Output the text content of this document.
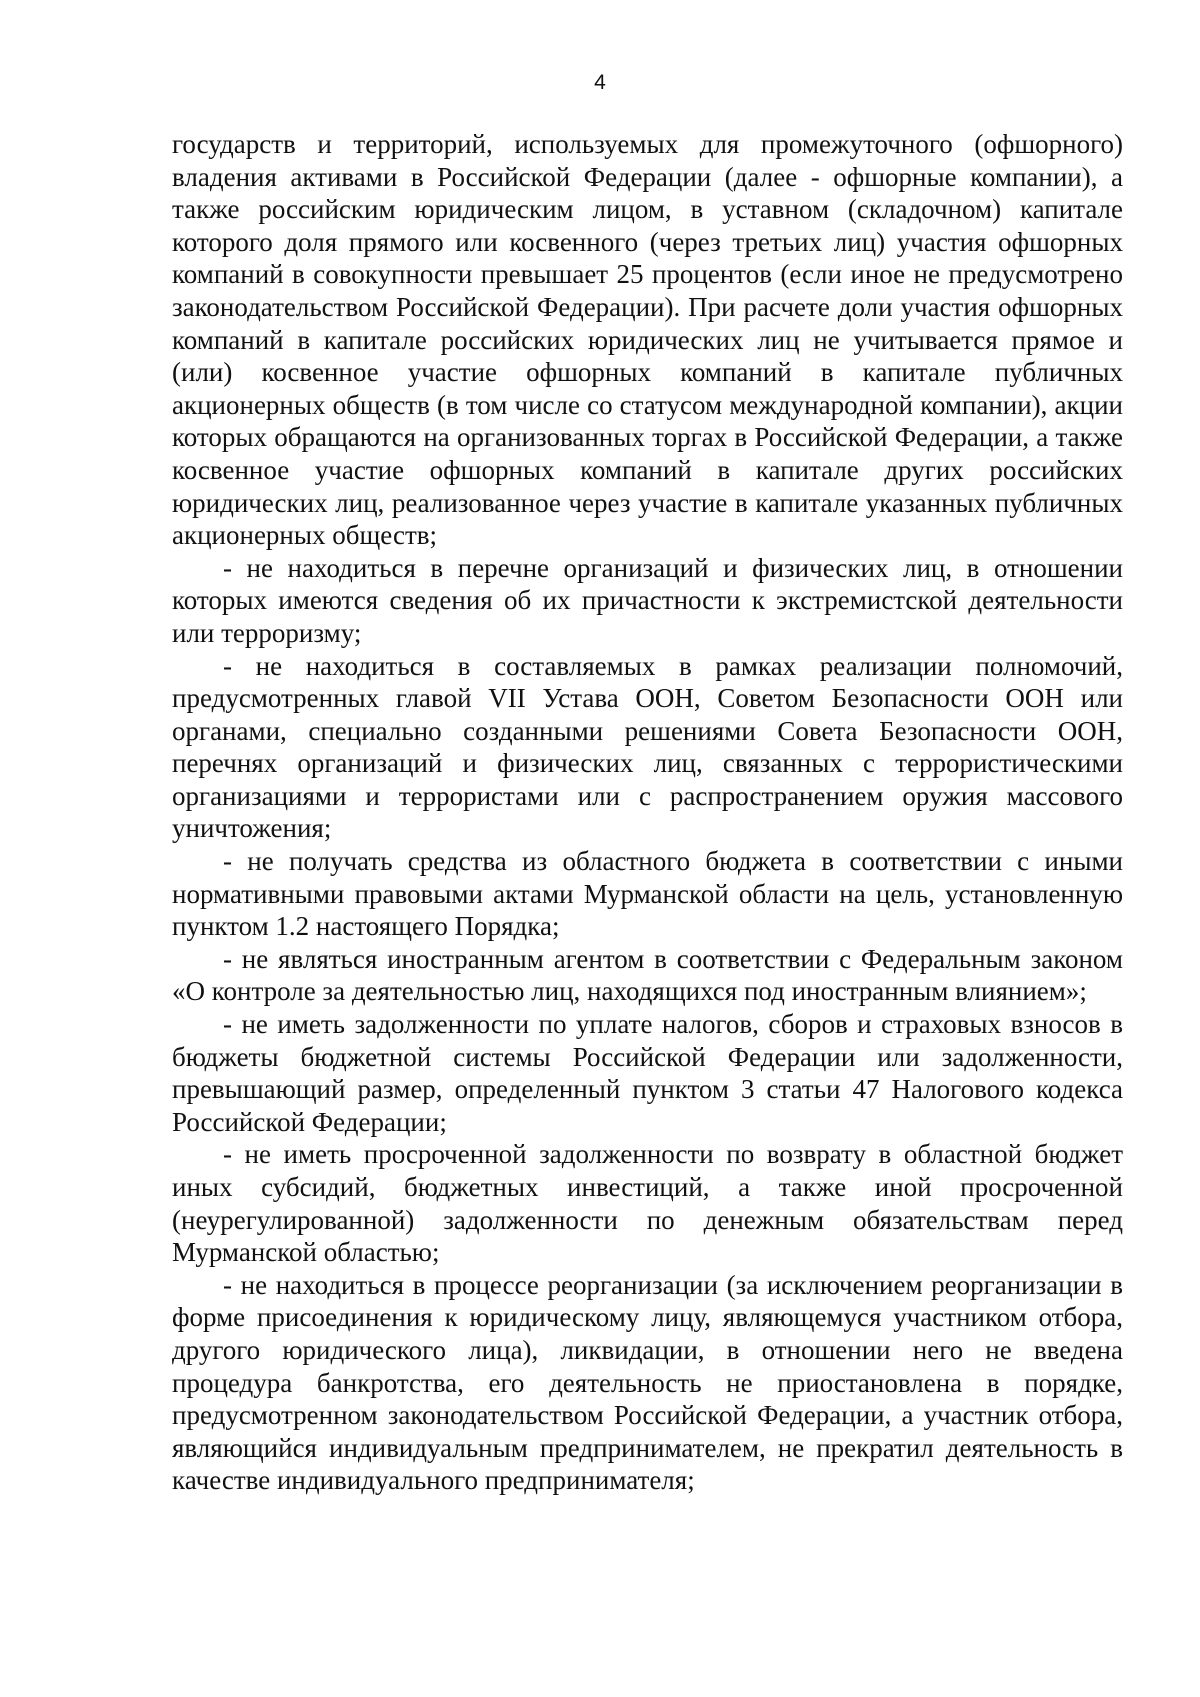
4

государств и территорий, используемых для промежуточного (офшорного) владения активами в Российской Федерации (далее - офшорные компании), а также российским юридическим лицом, в уставном (складочном) капитале которого доля прямого или косвенного (через третьих лиц) участия офшорных компаний в совокупности превышает 25 процентов (если иное не предусмотрено законодательством Российской Федерации). При расчете доли участия офшорных компаний в капитале российских юридических лиц не учитывается прямое и (или) косвенное участие офшорных компаний в капитале публичных акционерных обществ (в том числе со статусом международной компании), акции которых обращаются на организованных торгах в Российской Федерации, а также косвенное участие офшорных компаний в капитале других российских юридических лиц, реализованное через участие в капитале указанных публичных акционерных обществ;

- не находиться в перечне организаций и физических лиц, в отношении которых имеются сведения об их причастности к экстремистской деятельности или терроризму;

- не находиться в составляемых в рамках реализации полномочий, предусмотренных главой VII Устава ООН, Советом Безопасности ООН или органами, специально созданными решениями Совета Безопасности ООН, перечнях организаций и физических лиц, связанных с террористическими организациями и террористами или с распространением оружия массового уничтожения;

- не получать средства из областного бюджета в соответствии с иными нормативными правовыми актами Мурманской области на цель, установленную пунктом 1.2 настоящего Порядка;

- не являться иностранным агентом в соответствии с Федеральным законом «О контроле за деятельностью лиц, находящихся под иностранным влиянием»;

- не иметь задолженности по уплате налогов, сборов и страховых взносов в бюджеты бюджетной системы Российской Федерации или задолженности, превышающий размер, определенный пунктом 3 статьи 47 Налогового кодекса Российской Федерации;

- не иметь просроченной задолженности по возврату в областной бюджет иных субсидий, бюджетных инвестиций, а также иной просроченной (неурегулированной) задолженности по денежным обязательствам перед Мурманской областью;

- не находиться в процессе реорганизации (за исключением реорганизации в форме присоединения к юридическому лицу, являющемуся участником отбора, другого юридического лица), ликвидации, в отношении него не введена процедура банкротства, его деятельность не приостановлена в порядке, предусмотренном законодательством Российской Федерации, а участник отбора, являющийся индивидуальным предпринимателем, не прекратил деятельность в качестве индивидуального предпринимателя;
